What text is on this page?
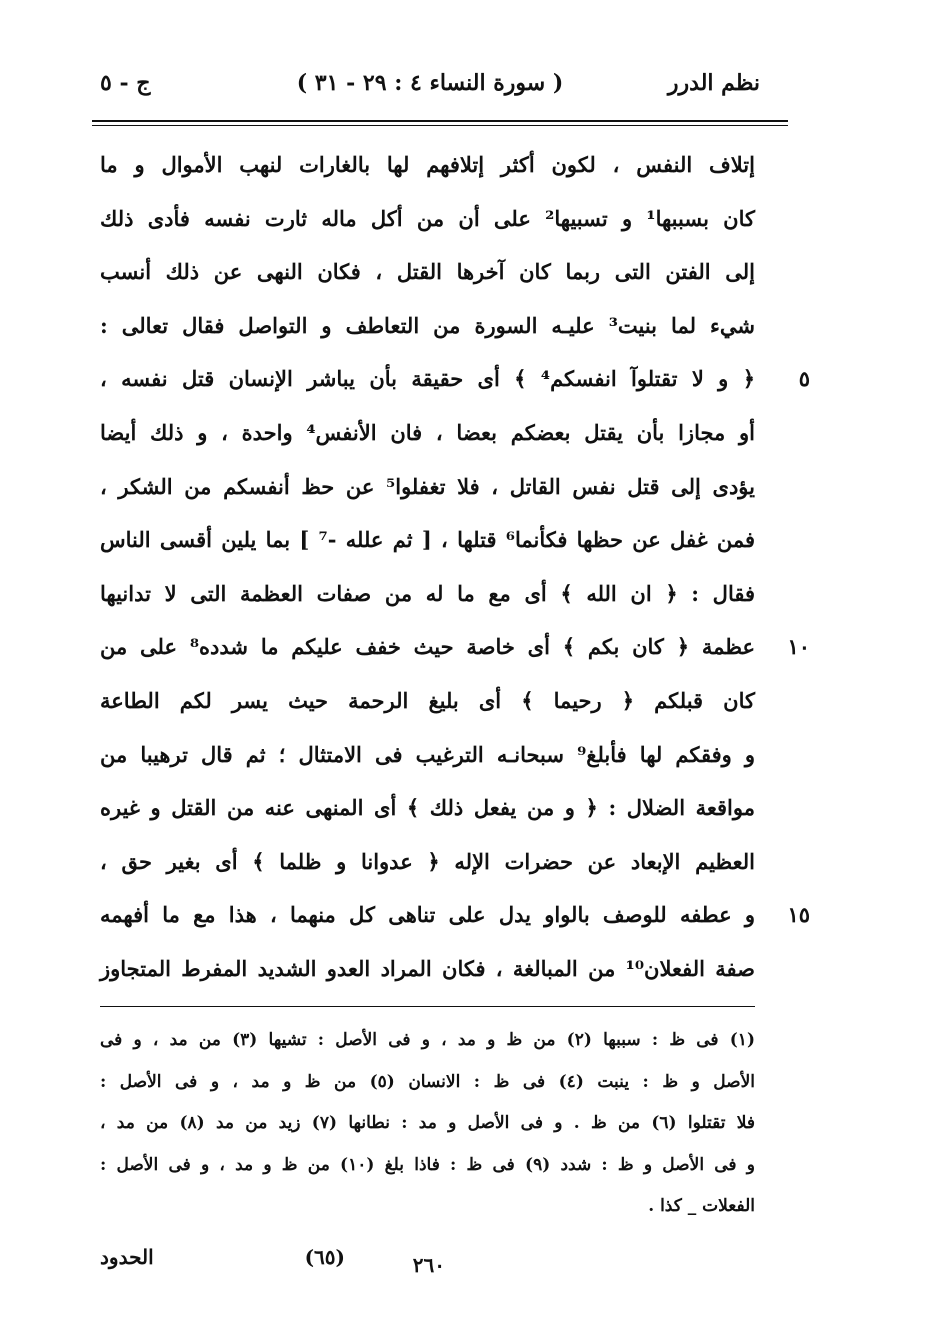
نظم الدرر
( سورة النساء ٤ : ٢٩ - ٣١ )
ج - ٥
إتلاف النفس ، لكون أكثر إتلافهم لها بالغارات لنهب الأموال و ما
كان بسببها¹ و تسبيها² على أن من أكل ماله ثارت نفسه فأدى ذلك
إلى الفتن التى ربما كان آخرها القتل ، فكان النهى عن ذلك أنسب
شيء لما بنيت³ عليـه السورة من التعاطف و التواصل فقال تعالى :
٥
﴿ و لا تقتلوآ انفسكم⁴ ﴾ أى حقيقة بأن يباشر الإنسان قتل نفسه ،
أو مجازا بأن يقتل بعضكم بعضا ، فان الأنفس⁴ واحدة ، و ذلك أيضا
يؤدى إلى قتل نفس القاتل ، فلا تغفلوا⁵ عن حظ أنفسكم من الشكر ،
فمن غفل عن حظها فكأنما⁶ قتلها ، [ ثم علله -⁷ ] بما يلين أقسى الناس
فقال : ﴿ ان الله ﴾ أى مع ما له من صفات العظمة التى لا تدانيها
١٠
عظمة ﴿ كان بكم ﴾ أى خاصة حيث خفف عليكم ما شدده⁸ على من
كان قبلكم ﴿ رحيما ﴾ أى بليغ الرحمة حيث يسر لكم الطاعة
و وفقكم لها فأبلغ⁹ سبحانـه الترغيب فى الامتثال ؛ ثم قال ترهيبا من
مواقعة الضلال : ﴿ و من يفعل ذلك ﴾ أى المنهى عنه من القتل و غيره
العظيم الإبعاد عن حضرات الإله ﴿ عدوانا و ظلما ﴾ أى بغير حق ،
١٥
و عطفه للوصف بالواو يدل على تناهى كل منهما ، هذا مع ما أفهمه
صفة الفعلان¹⁰ من المبالغة ، فكان المراد العدو الشديد المفرط المتجاوز
(١) فى ظ : سببها (٢) من ظ و مد ، و فى الأصل : تشيها (٣) من مد ، و فى
الأصل و ظ : ينبت (٤) فى ظ : الانسان (٥) من ظ و مد ، و فى الأصل :
فلا تقتلوا (٦) من ظ . و فى الأصل و مد : نطانها (٧) زيد من مد (٨) من مد ،
و فى الأصل و ظ : شدد (٩) فى ظ : فاذا بلغ (١٠) من ظ و مد ، و فى الأصل :
الفعلات _ كذا .
٢٦٠
(٦٥)
الحدود
